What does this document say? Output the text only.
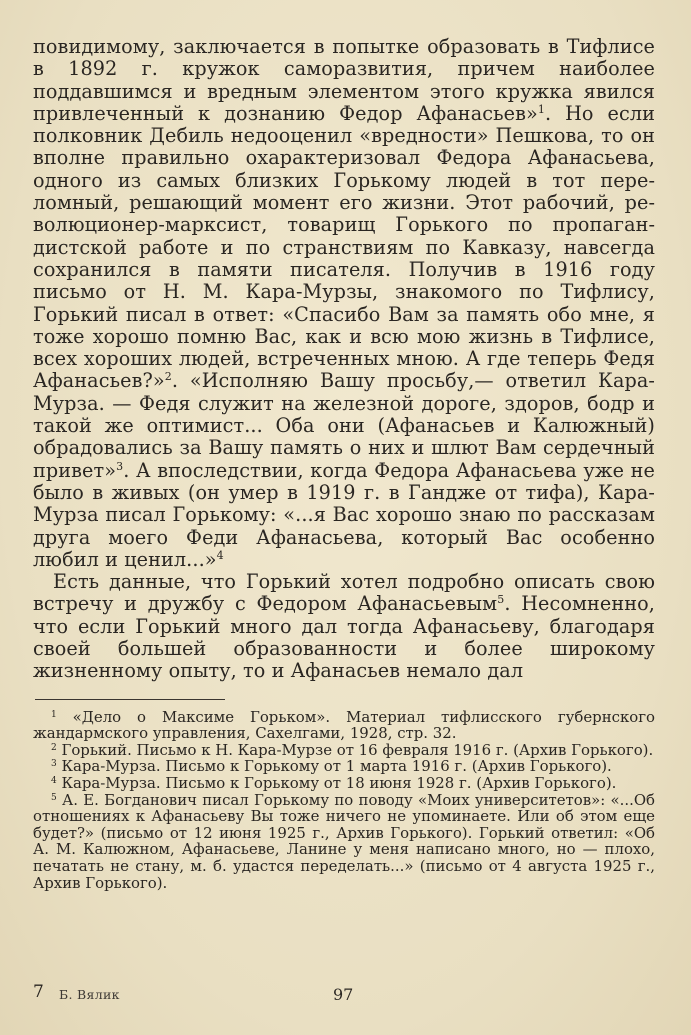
повидимому, заключается в попытке образовать в Тифлисе в 1892 г. кружок саморазвития, причем наиболее поддавшимся и вредным элементом этого кружка явился привлеченный к дознанию Федор Афанасьев»$^1$. Но если полковник Дебиль недооценил «вредности» Пешкова, то он вполне правильно охарактеризовал Федора Афанасьева, одного из самых близких Горькому людей в тот переломный, решающий момент его жизни. Этот рабочий, революционер-марксист, товарищ Горького по пропагандистской работе и по странствиям по Кавказу, навсегда сохранился в памяти писателя. Получив в 1916 году письмо от Н. М. Кара-Мурзы, знакомого по Тифлису, Горький писал в ответ: «Спасибо Вам за память обо мне, я тоже хорошо помню Вас, как и всю мою жизнь в Тифлисе, всех хороших людей, встреченных мною. А где теперь Федя Афанасьев?»$^2$. «Исполняю Вашу просьбу,— ответил Кара-Мурза. — Федя служит на железной дороге, здоров, бодр и такой же оптимист... Оба они (Афанасьев и Калюжный) обрадовались за Вашу память о них и шлют Вам сердечный привет»$^3$. А впоследствии, когда Федора Афанасьева уже не было в живых (он умер в 1919 г. в Гандже от тифа), Кара-Мурза писал Горькому: «...я Вас хорошо знаю по рассказам друга моего Феди Афанасьева, который Вас особенно любил и ценил...»$^4$

Есть данные, что Горький хотел подробно описать свою встречу и дружбу с Федором Афанасьевым$^5$. Несомненно, что если Горький много дал тогда Афанасьеву, благодаря своей большей образованности и более широкому жизненному опыту, то и Афанасьев немало дал

$^1$ «Дело о Максиме Горьком». Материал тифлисского губернского жандармского управления, Сахелгами, 1928, стр. 32.

$^2$ Горький. Письмо к Н. Кара-Мурзе от 16 февраля 1916 г. (Архив Горького).

$^3$ Кара-Мурза. Письмо к Горькому от 1 марта 1916 г. (Архив Горького).

$^4$ Кара-Мурза. Письмо к Горькому от 18 июня 1928 г. (Архив Горького).

$^5$ А. Е. Богданович писал Горькому по поводу «Моих университетов»: «...Об отношениях к Афанасьеву Вы тоже ничего не упоминаете. Или об этом еще будет?» (письмо от 12 июня 1925 г., Архив Горького). Горький ответил: «Об А. М. Калюжном, Афанасьеве, Ланине у меня написано много, но — плохо, печатать не стану, м. б. удастся переделать...» (письмо от 4 августа 1925 г., Архив Горького).

7 Б. Вялик	97
